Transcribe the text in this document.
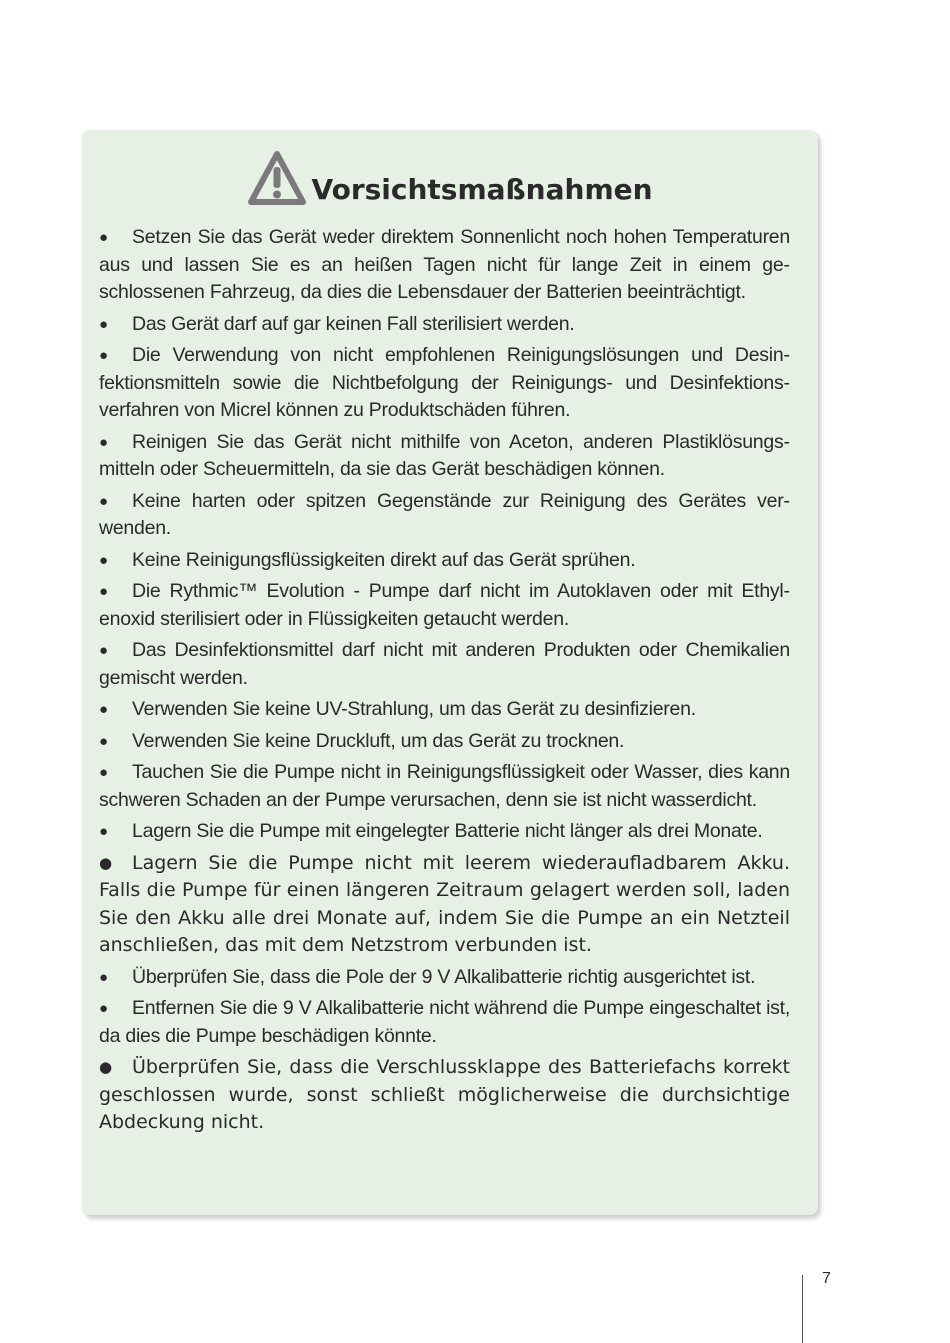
Vorsichtsmaßnahmen
● Setzen Sie das Gerät weder direktem Sonnenlicht noch hohen Temperaturen aus und lassen Sie es an heißen Tagen nicht für lange Zeit in einem geschlossenen Fahrzeug, da dies die Lebensdauer der Batterien beeinträchtigt.
● Das Gerät darf auf gar keinen Fall sterilisiert werden.
● Die Verwendung von nicht empfohlenen Reinigungslösungen und Desinfektionsmitteln sowie die Nichtbefolgung der Reinigungs- und Desinfektionsverfahren von Micrel können zu Produktschäden führen.
● Reinigen Sie das Gerät nicht mithilfe von Aceton, anderen Plastiklösungsmitteln oder Scheuermitteln, da sie das Gerät beschädigen können.
● Keine harten oder spitzen Gegenstände zur Reinigung des Gerätes verwenden.
● Keine Reinigungsflüssigkeiten direkt auf das Gerät sprühen.
● Die Rythmic™ Evolution - Pumpe darf nicht im Autoklaven oder mit Ethylenoxid sterilisiert oder in Flüssigkeiten getaucht werden.
● Das Desinfektionsmittel darf nicht mit anderen Produkten oder Chemikalien gemischt werden.
● Verwenden Sie keine UV-Strahlung, um das Gerät zu desinfizieren.
● Verwenden Sie keine Druckluft, um das Gerät zu trocknen.
● Tauchen Sie die Pumpe nicht in Reinigungsflüssigkeit oder Wasser, dies kann schweren Schaden an der Pumpe verursachen, denn sie ist nicht wasserdicht.
● Lagern Sie die Pumpe mit eingelegter Batterie nicht länger als drei Monate.
● Lagern Sie die Pumpe nicht mit leerem wiederaufladbarem Akku. Falls die Pumpe für einen längeren Zeitraum gelagert werden soll, laden Sie den Akku alle drei Monate auf, indem Sie die Pumpe an ein Netzteil anschließen, das mit dem Netzstrom verbunden ist.
● Überprüfen Sie, dass die Pole der 9 V Alkalibatterie richtig ausgerichtet ist.
● Entfernen Sie die 9 V Alkalibatterie nicht während die Pumpe eingeschaltet ist, da dies die Pumpe beschädigen könnte.
● Überprüfen Sie, dass die Verschlussklappe des Batteriefachs korrekt geschlossen wurde, sonst schließt möglicherweise die durchsichtige Abdeckung nicht.
7
